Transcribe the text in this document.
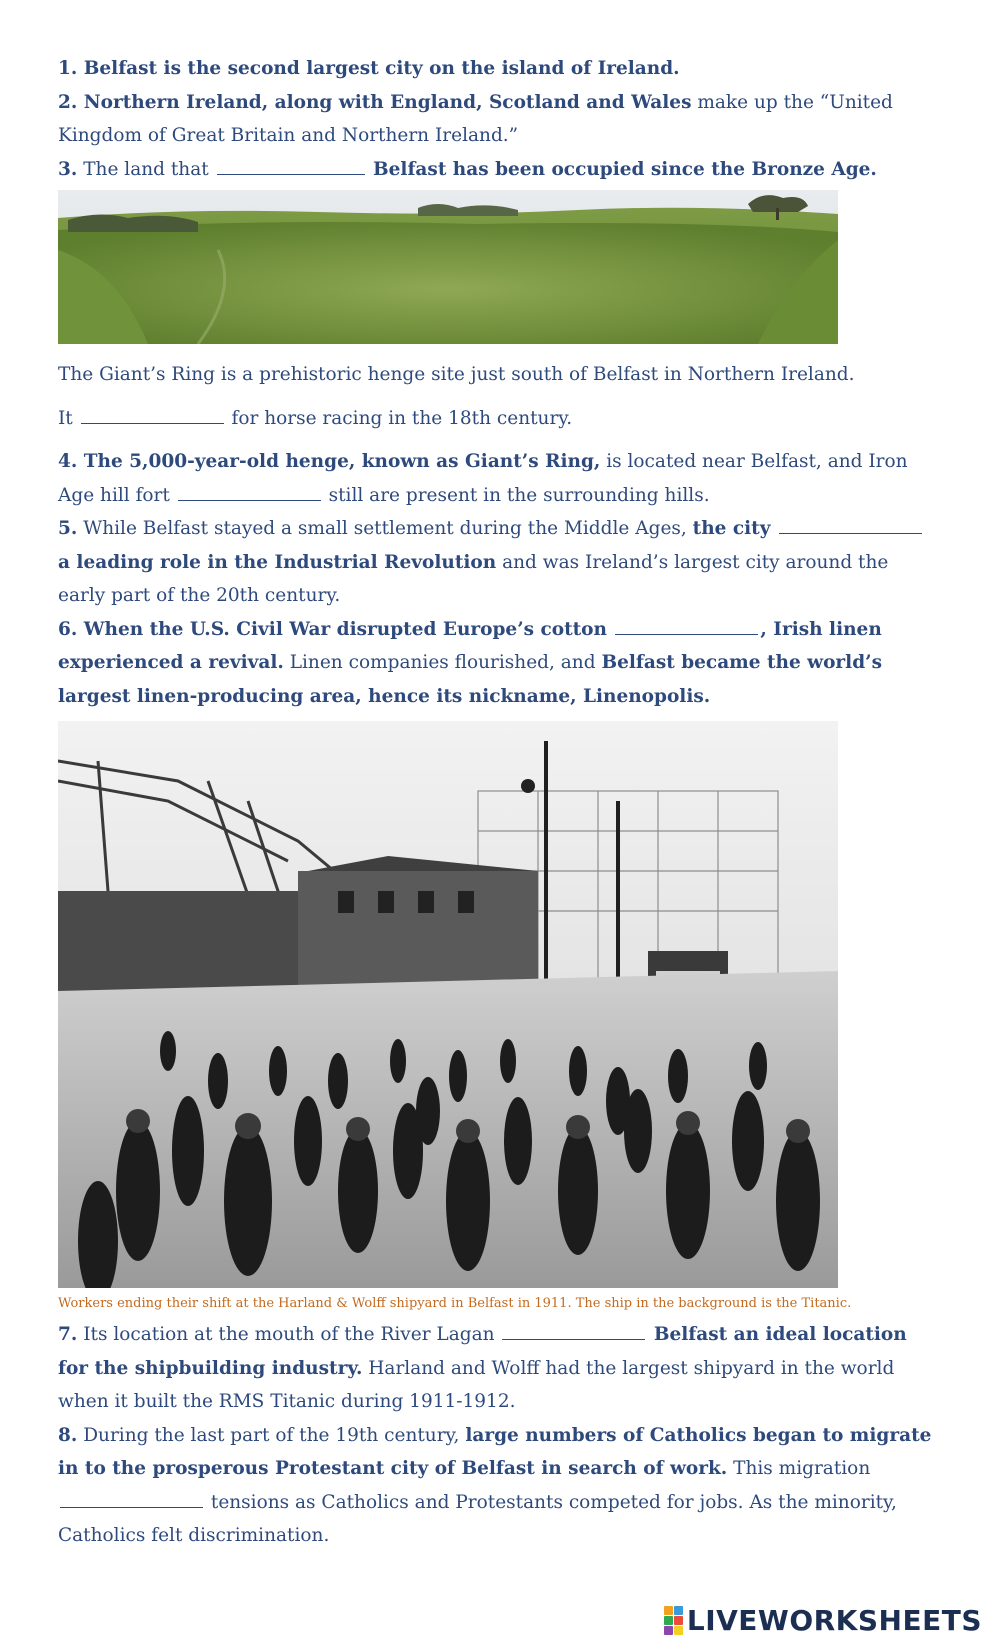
1. Belfast is the second largest city on the island of Ireland.

2. Northern Ireland, along with England, Scotland and Wales make up the “United Kingdom of Great Britain and Northern Ireland.”

3. The land that	Belfast has been occupied since the Bronze Age.

The Giant’s Ring is a prehistoric henge site just south of Belfast in Northern Ireland.

It	for horse racing in the 18th century.

4. The 5,000-year-old henge, known as Giant’s Ring, is located near Belfast, and Iron Age hill fort	still are present in the surrounding hills.

5. While Belfast stayed a small settlement during the Middle Ages, the city  a leading role in the Industrial Revolution and was Ireland’s largest city around the early part of the 20th century.

6. When the U.S. Civil War disrupted Europe’s cotton	, Irish linen experienced a revival. Linen companies flourished, and Belfast became the world’s largest linen-producing area, hence its nickname, Linenopolis.

Workers ending their shift at the Harland & Wolff shipyard in Belfast in 1911. The ship in the background is the Titanic.

7. Its location at the mouth of the River Lagan	Belfast an ideal location for the shipbuilding industry. Harland and Wolff had the largest shipyard in the world when it built the RMS Titanic during 1911-1912.

8. During the last part of the 19th century, large numbers of Catholics began to migrate in to the prosperous Protestant city of Belfast in search of work. This migration  tensions as Catholics and Protestants competed for jobs. As the minority, Catholics felt discrimination.

LIVEWORKSHEETS
